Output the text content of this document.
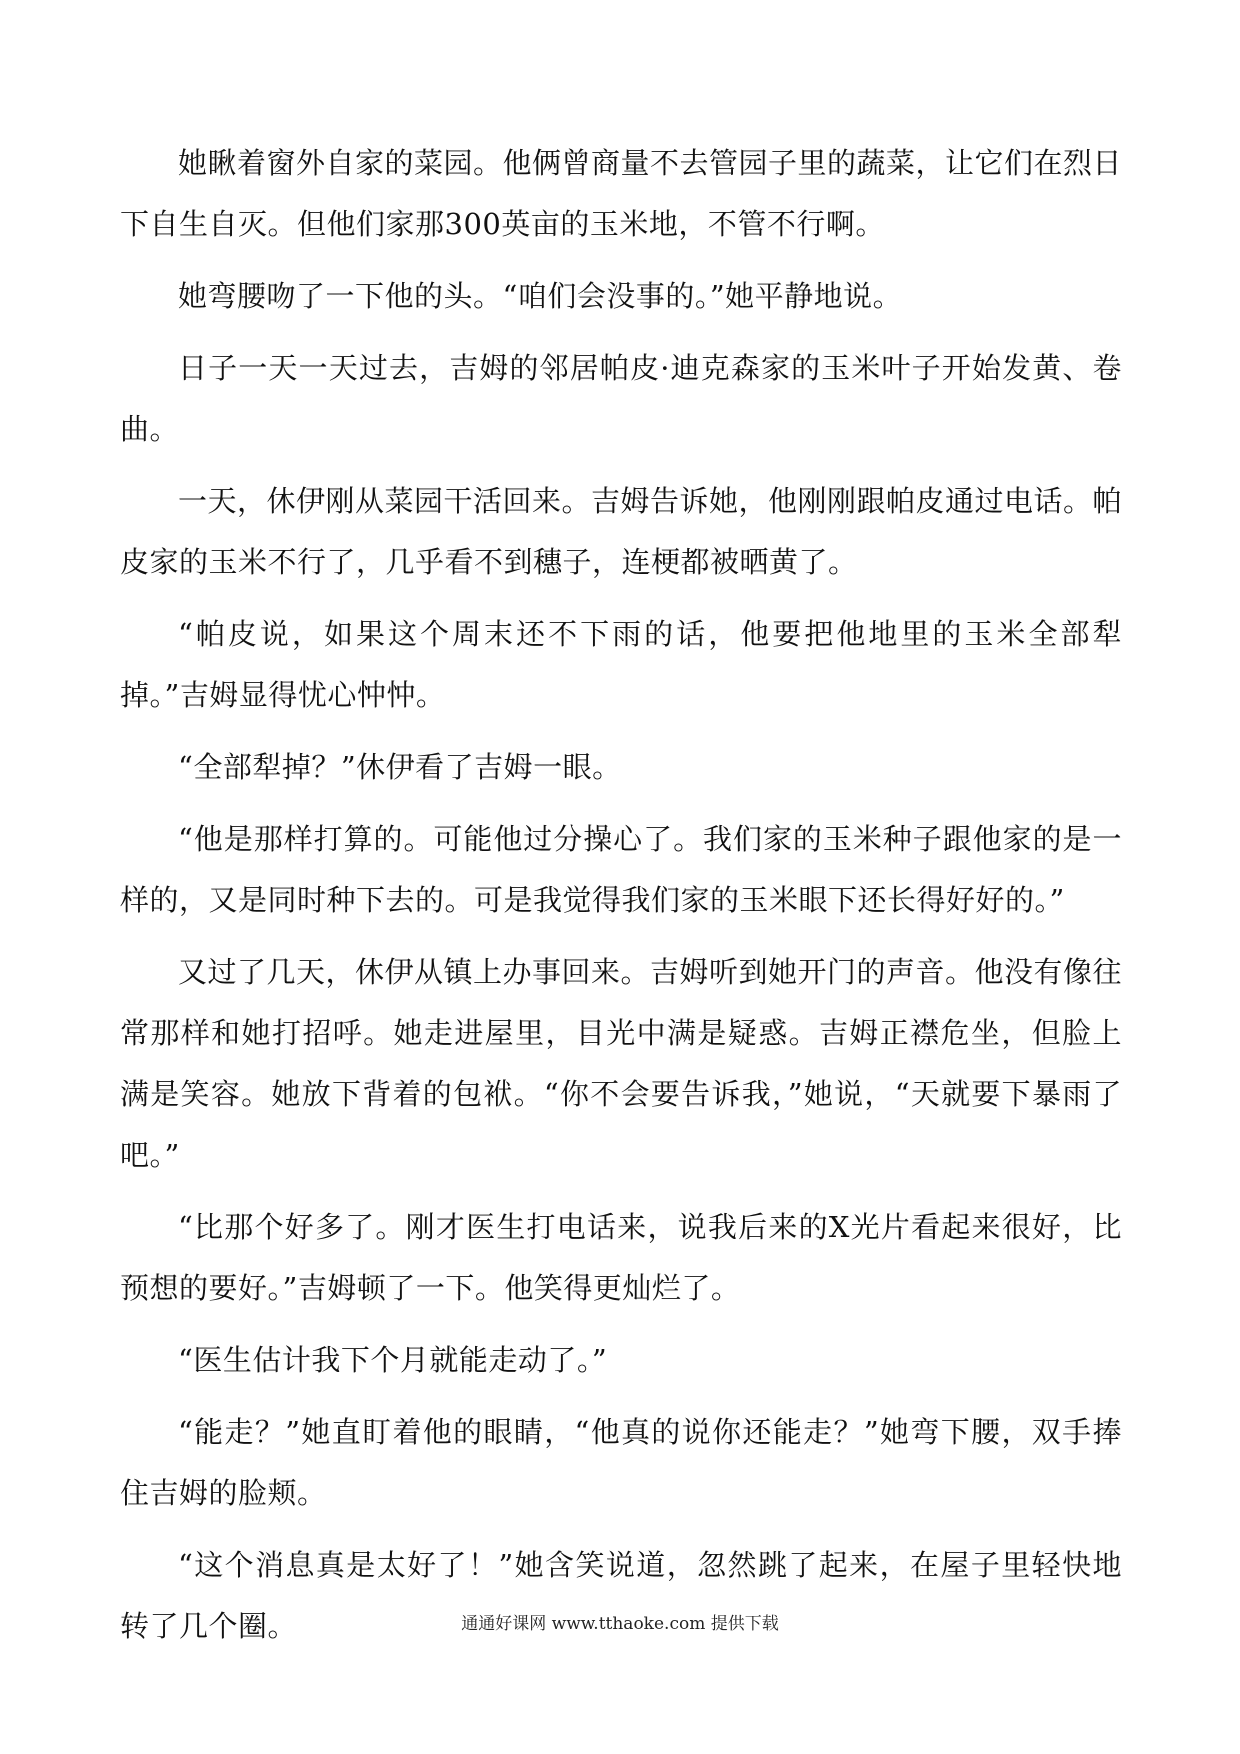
她瞅着窗外自家的菜园。他俩曾商量不去管园子里的蔬菜，让它们在烈日下自生自灭。但他们家那300英亩的玉米地，不管不行啊。

她弯腰吻了一下他的头。“咱们会没事的。”她平静地说。

日子一天一天过去，吉姆的邻居帕皮·迪克森家的玉米叶子开始发黄、卷曲。

一天，休伊刚从菜园干活回来。吉姆告诉她，他刚刚跟帕皮通过电话。帕皮家的玉米不行了，几乎看不到穗子，连梗都被晒黄了。

“帕皮说，如果这个周末还不下雨的话，他要把他地里的玉米全部犁掉。”吉姆显得忧心忡忡。

“全部犁掉？”休伊看了吉姆一眼。

“他是那样打算的。可能他过分操心了。我们家的玉米种子跟他家的是一样的，又是同时种下去的。可是我觉得我们家的玉米眼下还长得好好的。”

又过了几天，休伊从镇上办事回来。吉姆听到她开门的声音。他没有像往常那样和她打招呼。她走进屋里，目光中满是疑惑。吉姆正襟危坐，但脸上满是笑容。她放下背着的包袱。“你不会要告诉我，”她说，“天就要下暴雨了吧。”

“比那个好多了。刚才医生打电话来，说我后来的X光片看起来很好，比预想的要好。”吉姆顿了一下。他笑得更灿烂了。

“医生估计我下个月就能走动了。”

“能走？”她直盯着他的眼睛，“他真的说你还能走？”她弯下腰，双手捧住吉姆的脸颊。

“这个消息真是太好了！”她含笑说道，忽然跳了起来，在屋子里轻快地转了几个圈。	通通好课网 www.tthaoke.com 提供下载
